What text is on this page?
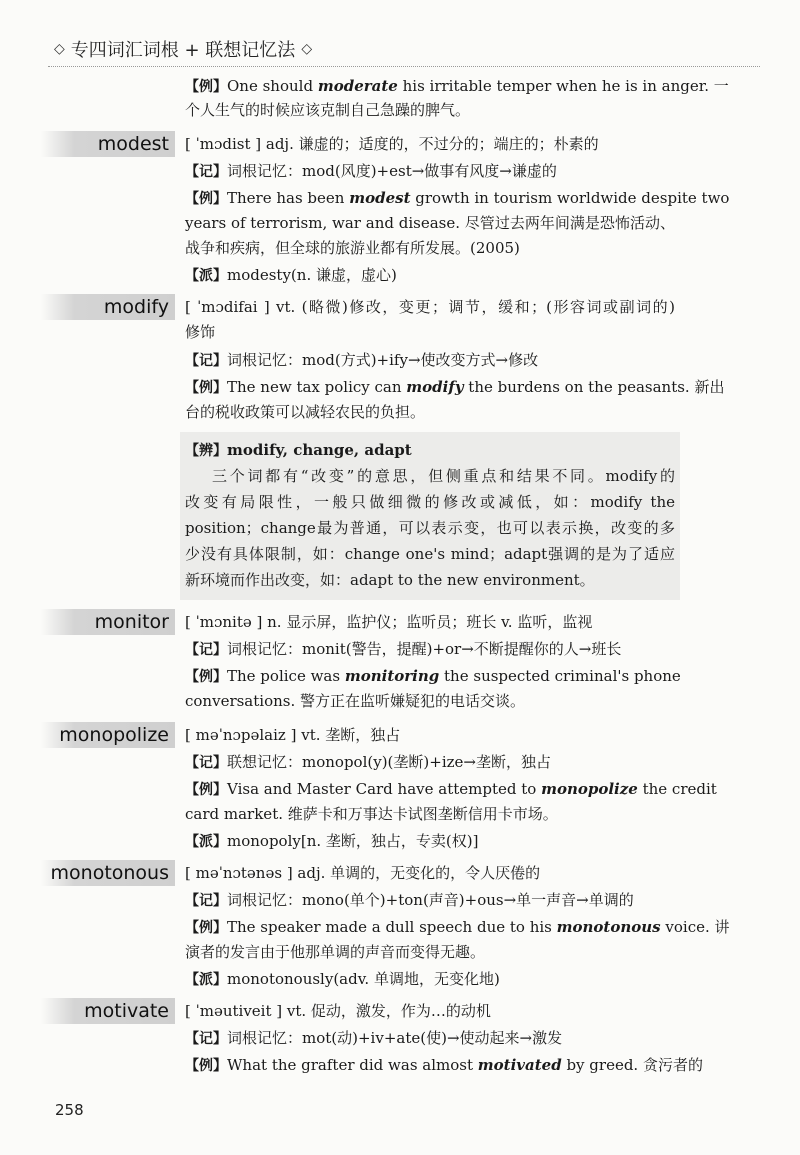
◇ 专四词汇词根 + 联想记忆法 ◇
【例】One should moderate his irritable temper when he is in anger. 一
个人生气的时候应该克制自己急躁的脾气。
modest	[ ˈmɔdist ] adj. 谦虚的；适度的，不过分的；端庄的；朴素的
【记】词根记忆：mod(风度)+est→做事有风度→谦虚的
【例】There has been modest growth in tourism worldwide despite two
years of terrorism, war and disease. 尽管过去两年间满是恐怖活动、
战争和疾病，但全球的旅游业都有所发展。(2005)
【派】modesty(n. 谦虚，虚心)
modify	[ ˈmɔdifai ] vt. (略微)修改，变更；调节，缓和；(形容词或副词的)
修饰
【记】词根记忆：mod(方式)+ify→使改变方式→修改
【例】The new tax policy can modify the burdens on the peasants. 新出
台的税收政策可以减轻农民的负担。
【辨】modify, change, adapt
三个词都有“改变”的意思，但侧重点和结果不同。modify的
改变有局限性，一般只做细微的修改或减低，如：modify the
position；change最为普通，可以表示变，也可以表示换，改变的多
少没有具体限制，如：change one's mind；adapt强调的是为了适应
新环境而作出改变，如：adapt to the new environment。
monitor	[ ˈmɔnitə ] n. 显示屏，监护仪；监听员；班长 v. 监听，监视
【记】词根记忆：monit(警告，提醒)+or→不断提醒你的人→班长
【例】The police was monitoring the suspected criminal's phone
conversations. 警方正在监听嫌疑犯的电话交谈。
monopolize	[ məˈnɔpəlaiz ] vt. 垄断，独占
【记】联想记忆：monopol(y)(垄断)+ize→垄断，独占
【例】Visa and Master Card have attempted to monopolize the credit
card market. 维萨卡和万事达卡试图垄断信用卡市场。
【派】monopoly[n. 垄断，独占，专卖(权)]
monotonous	[ məˈnɔtənəs ] adj. 单调的，无变化的，令人厌倦的
【记】词根记忆：mono(单个)+ton(声音)+ous→单一声音→单调的
【例】The speaker made a dull speech due to his monotonous voice. 讲
演者的发言由于他那单调的声音而变得无趣。
【派】monotonously(adv. 单调地，无变化地)
motivate	[ ˈməutiveit ] vt. 促动，激发，作为…的动机
【记】词根记忆：mot(动)+iv+ate(使)→使动起来→激发
【例】What the grafter did was almost motivated by greed. 贪污者的
258
